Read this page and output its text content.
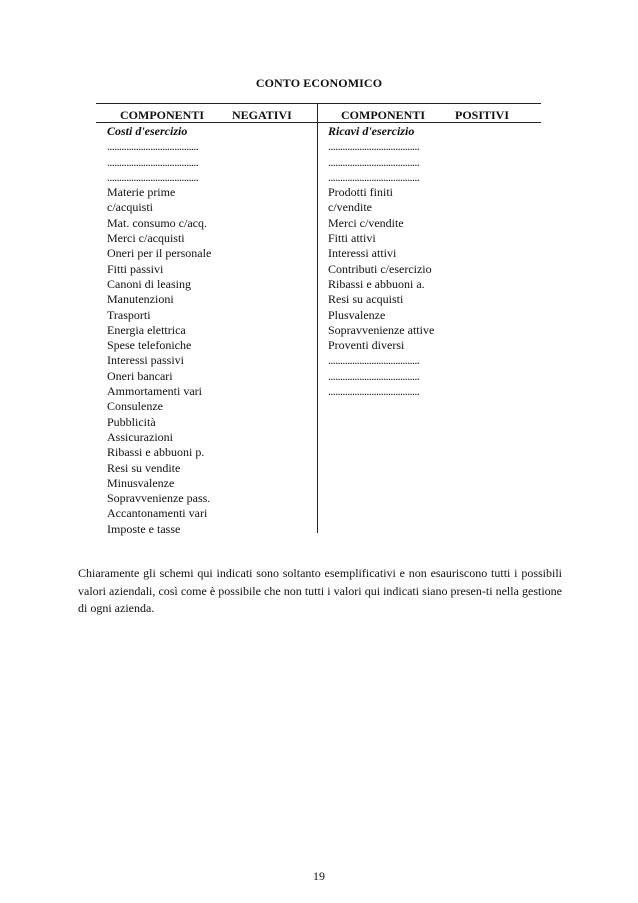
CONTO ECONOMICO
COMPONENTI NEGATIVI	COMPONENTI	POSITIVI
Costi d'esercizio
......................................
......................................
......................................
Materie prime
c/acquisti
Mat. consumo c/acq.
Merci c/acquisti
Oneri per il personale
Fitti passivi
Canoni di leasing
Manutenzioni
Trasporti
Energia elettrica
Spese telefoniche
Interessi passivi
Oneri bancari
Ammortamenti vari
Consulenze
Pubblicità
Assicurazioni
Ribassi e abbuoni p.
Resi su vendite
Minusvalenze
Sopravvenienze pass.
Accantonamenti vari
Imposte e tasse
Ricavi d'esercizio
......................................
......................................
......................................
Prodotti finiti
c/vendite
Merci c/vendite
Fitti attivi
Interessi attivi
Contributi c/esercizio
Ribassi e abbuoni a.
Resi su acquisti
Plusvalenze
Sopravvenienze attive
Proventi diversi
......................................
......................................
......................................
Chiaramente gli schemi qui indicati sono soltanto esemplificativi e non esauriscono tutti i possibili valori aziendali, così come è possibile che non tutti i valori qui indicati siano presen-ti nella gestione di ogni azienda.
19
